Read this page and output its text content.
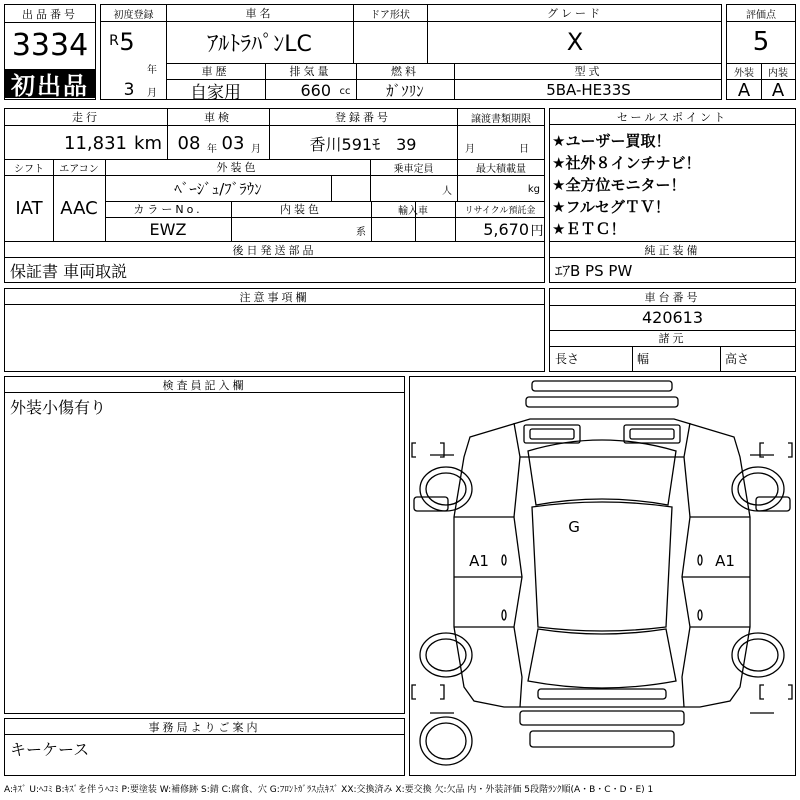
出品番号
3334
初出品
初度登録
R 5
年
3	月
車名
ｱﾙﾄﾗﾊﾟﾝLC
ドア形状	グレード
X
車歴
自家用
排気量
660 cc
燃料
ｶﾞｿﾘﾝ
型式
5BA-HE33S
評価点
5
外装	内装
A	A
走行
11,831 km
車検
08 年 03 月
登録番号
香川591ﾓ　39
譲渡書類期限
月	日
シフト
IAT
エアコン
AAC
外装色
ﾍﾞｰｼﾞｭ/ﾌﾞﾗｳﾝ
乗車定員
人
最大積載量
kg
カラーNo.
EWZ
内装色
系
輸入車	リサイクル預託金
5,670 円
後日発送部品
保証書 車両取説
セールスポイント
★ユーザー買取！
★社外８インチナビ！
★全方位モニター！
★フルセグＴＶ！
★ＥＴＣ！
純正装備
ｴｱB PS PW
注意事項欄	車台番号
420613
諸元
長さ	幅	高さ
検査員記入欄
外装小傷有り
事務局よりご案内
キーケース
G
A1	A1
A:ｷｽﾞ U:ﾍｺﾐ B:ｷｽﾞを伴うﾍｺﾐ P:要塗装 W:補修跡 S:錆 C:腐食、穴 G:ﾌﾛﾝﾄｶﾞﾗｽ点ｷｽﾞ XX:交換済み X:要交換 欠:欠品 内・外装評価 5段階ﾗﾝｸ順(A・B・C・D・E) 1
